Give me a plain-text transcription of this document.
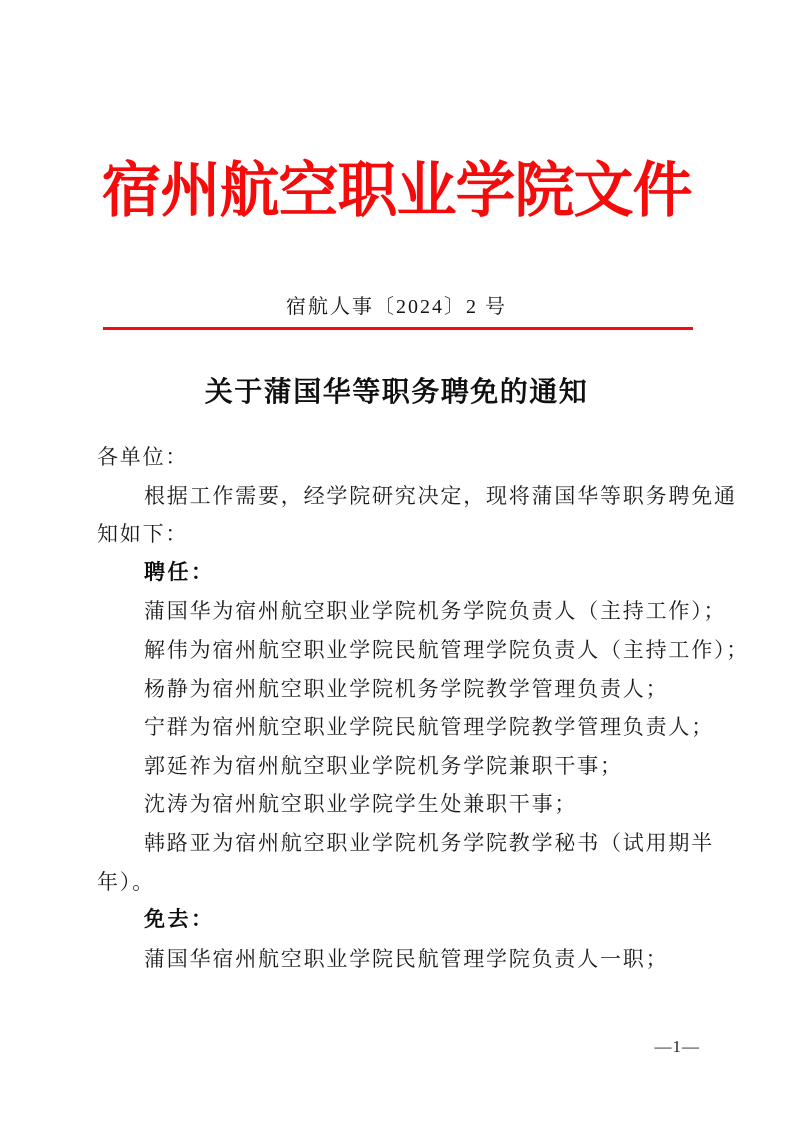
宿州航空职业学院文件
宿航人事〔2024〕2 号
关于蒲国华等职务聘免的通知

各单位：

根据工作需要，经学院研究决定，现将蒲国华等职务聘免通

知如下：

聘任：

蒲国华为宿州航空职业学院机务学院负责人（主持工作）；

解伟为宿州航空职业学院民航管理学院负责人（主持工作）；

杨静为宿州航空职业学院机务学院教学管理负责人；

宁群为宿州航空职业学院民航管理学院教学管理负责人；

郭延祚为宿州航空职业学院机务学院兼职干事；

沈涛为宿州航空职业学院学生处兼职干事；

韩路亚为宿州航空职业学院机务学院教学秘书（试用期半

年）。

免去：

蒲国华宿州航空职业学院民航管理学院负责人一职；

—1—
